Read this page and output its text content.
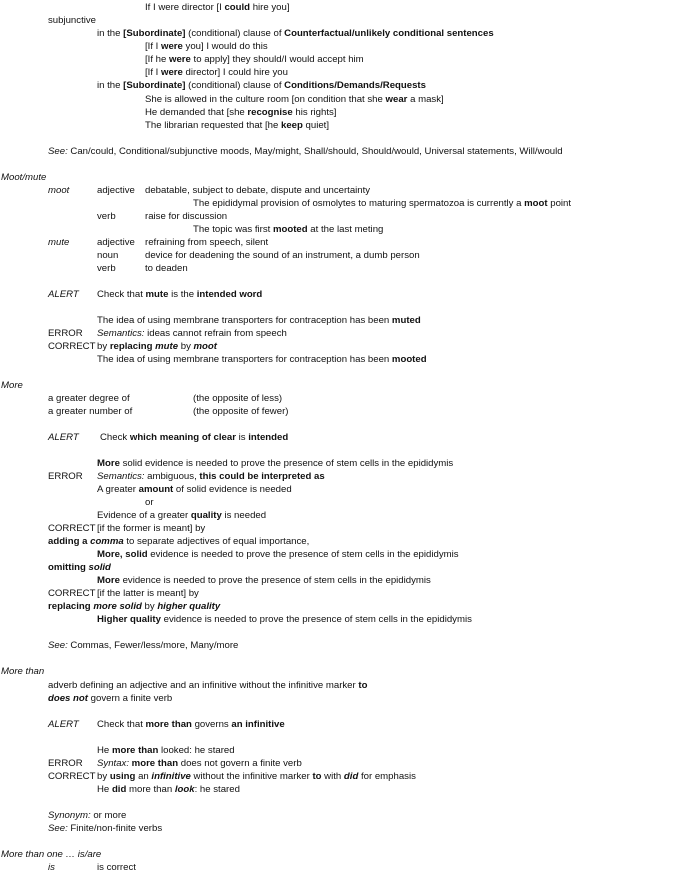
If I were director [I could hire you]
subjunctive
in the [Subordinate] (conditional) clause of Counterfactual/unlikely conditional sentences
[If I were you] I would do this
[If he were to apply] they should/I would accept him
[If I were director] I could hire you
in the [Subordinate] (conditional) clause of Conditions/Demands/Requests
She is allowed in the culture room [on condition that she wear a mask]
He demanded that [she recognise his rights]
The librarian requested that [he keep quiet]
See: Can/could, Conditional/subjunctive moods, May/might, Shall/should, Should/would, Universal statements, Will/would
Moot/mute
moot	adjective debatable, subject to debate, dispute and uncertainty
The epididymal provision of osmolytes to maturing spermatozoa is currently a moot point
verb	raise for discussion
The topic was first mooted at the last meting
mute	adjective refraining from speech, silent
noun	device for deadening the sound of an instrument, a dumb person
verb	to deaden
ALERT Check that mute is the intended word
The idea of using membrane transporters for contraception has been muted
ERROR Semantics: ideas cannot refrain from speech
CORRECT by replacing mute by moot
The idea of using membrane transporters for contraception has been mooted
More
a greater degree of	(the opposite of less)
a greater number of	(the opposite of fewer)
ALERT Check which meaning of clear is intended
More solid evidence is needed to prove the presence of stem cells in the epididymis
ERROR Semantics: ambiguous, this could be interpreted as
A greater amount of solid evidence is needed
or
Evidence of a greater quality is needed
CORRECT [if the former is meant] by
adding a comma to separate adjectives of equal importance,
More, solid evidence is needed to prove the presence of stem cells in the epididymis
omitting solid
More evidence is needed to prove the presence of stem cells in the epididymis
CORRECT [if the latter is meant] by
replacing more solid by higher quality
Higher quality evidence is needed to prove the presence of stem cells in the epididymis
See: Commas, Fewer/less/more, Many/more
More than
adverb defining an adjective and an infinitive without the infinitive marker to
does not govern a finite verb
ALERT Check that more than governs an infinitive
He more than looked: he stared
ERROR Syntax: more than does not govern a finite verb
CORRECT by using an infinitive without the infinitive marker to with did for emphasis
He did more than look: he stared
Synonym: or more
See: Finite/non-finite verbs
More than one … is/are
is	is correct
